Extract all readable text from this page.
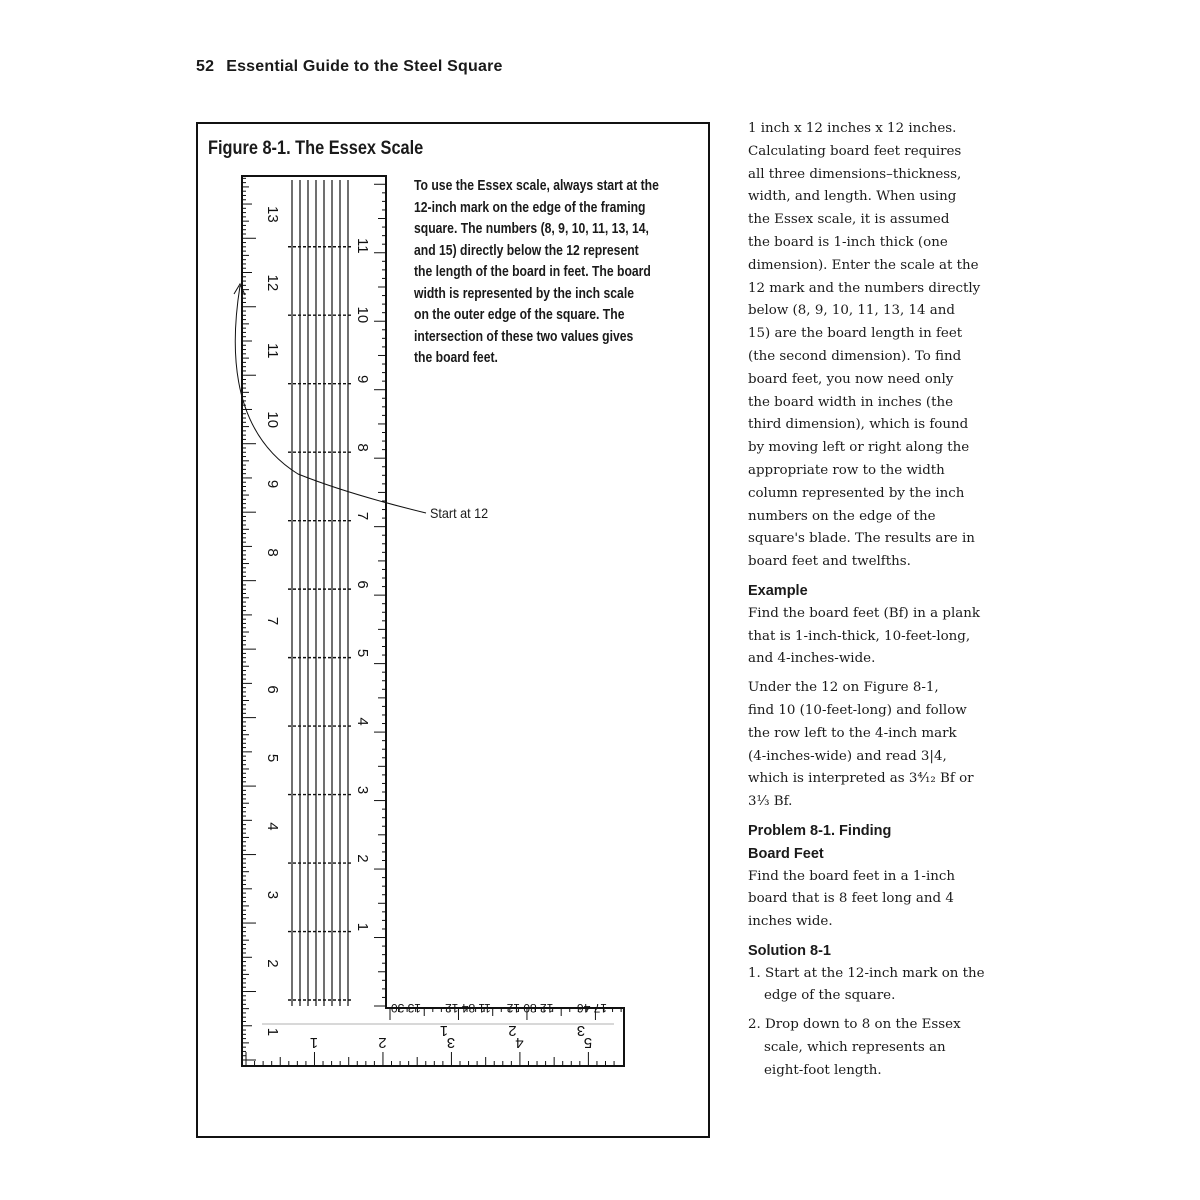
52 Essential Guide to the Steel Square
13
12
11
10
9
8
7
6
5
4
3
2
1
11
10
9
8
7
6
5
4
3
2
1
1	2	3
13 30 11 84 12 12 80 12 17 46
1	2	3	4	5
Figure 8-1. The Essex Scale
To use the Essex scale, always start at the
12-inch mark on the edge of the framing
square. The numbers (8, 9, 10, 11, 13, 14,
and 15) directly below the 12 represent
the length of the board in feet. The board
width is represented by the inch scale
on the outer edge of the square. The
intersection of these two values gives
the board feet.
Start at 12
1 inch x 12 inches x 12 inches.
Calculating board feet requires
all three dimensions–thickness,
width, and length. When using
the Essex scale, it is assumed
the board is 1-inch thick (one
dimension). Enter the scale at the
12 mark and the numbers directly
below (8, 9, 10, 11, 13, 14 and
15) are the board length in feet
(the second dimension). To find
board feet, you now need only
the board width in inches (the
third dimension), which is found
by moving left or right along the
appropriate row to the width
column represented by the inch
numbers on the edge of the
square's blade. The results are in
board feet and twelfths.
Example
Find the board feet (Bf) in a plank
that is 1-inch-thick, 10-feet-long,
and 4-inches-wide.
Under the 12 on Figure 8-1,
find 10 (10-feet-long) and follow
the row left to the 4-inch mark
(4-inches-wide) and read 3|4,
which is interpreted as 3⁴⁄₁₂ Bf or
3⅓ Bf.
Problem 8-1. Finding
Board Feet
Find the board feet in a 1-inch
board that is 8 feet long and 4
inches wide.
Solution 8-1
1. Start at the 12-inch mark on the
edge of the square.
2. Drop down to 8 on the Essex
scale, which represents an
eight-foot length.
